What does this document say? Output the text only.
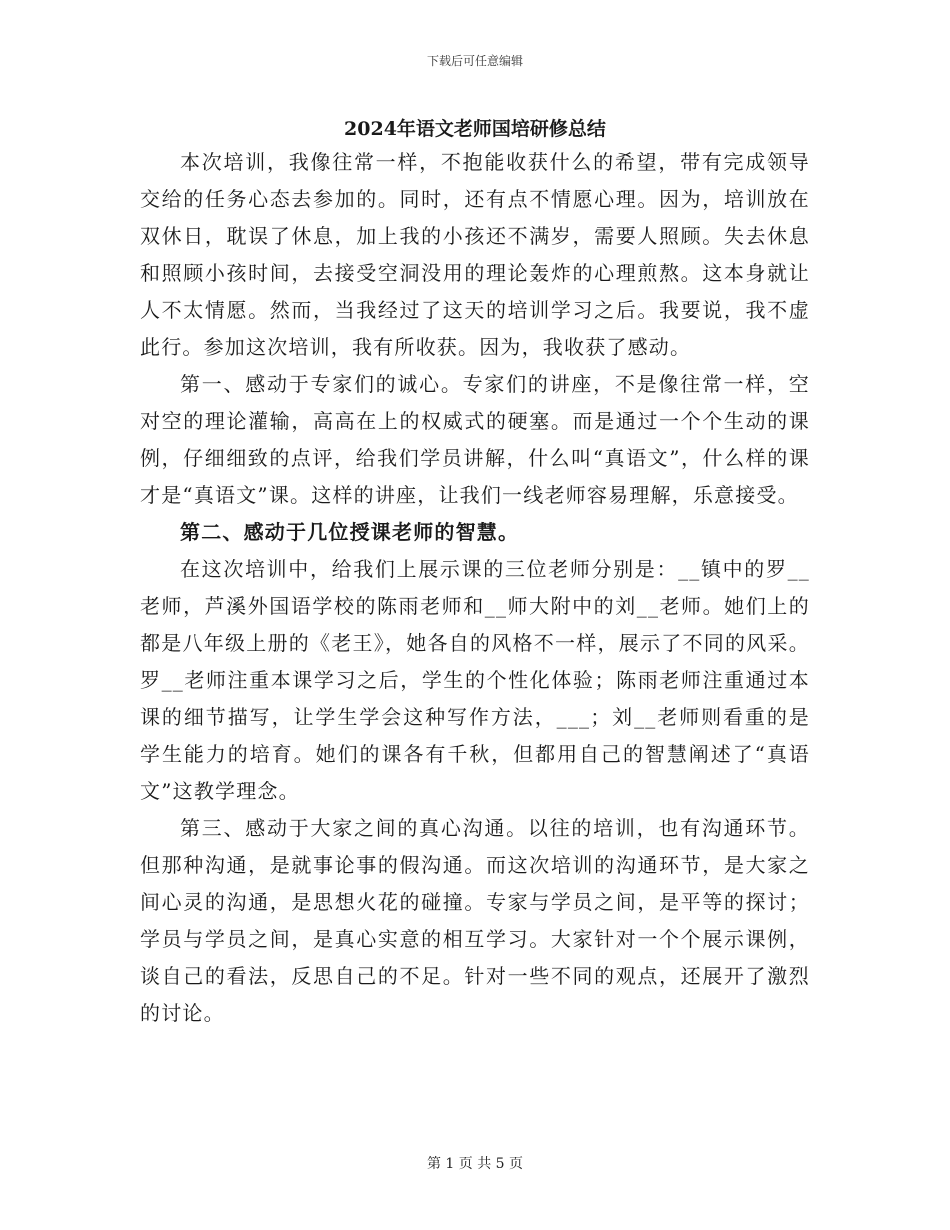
下载后可任意编辑
2024年语文老师国培研修总结

本次培训，我像往常一样，不抱能收获什么的希望，带有完成领导交给的任务心态去参加的。同时，还有点不情愿心理。因为，培训放在双休日，耽误了休息，加上我的小孩还不满岁，需要人照顾。失去休息和照顾小孩时间，去接受空洞没用的理论轰炸的心理煎熬。这本身就让人不太情愿。然而，当我经过了这天的培训学习之后。我要说，我不虚此行。参加这次培训，我有所收获。因为，我收获了感动。

第一、感动于专家们的诚心。专家们的讲座，不是像往常一样，空对空的理论灌输，高高在上的权威式的硬塞。而是通过一个个生动的课例，仔细细致的点评，给我们学员讲解，什么叫“真语文”，什么样的课才是“真语文”课。这样的讲座，让我们一线老师容易理解，乐意接受。

第二、感动于几位授课老师的智慧。

在这次培训中，给我们上展示课的三位老师分别是：__镇中的罗__老师，芦溪外国语学校的陈雨老师和__师大附中的刘__老师。她们上的都是八年级上册的《老王》，她各自的风格不一样，展示了不同的风采。罗__老师注重本课学习之后，学生的个性化体验；陈雨老师注重通过本课的细节描写，让学生学会这种写作方法，___；刘__老师则看重的是学生能力的培育。她们的课各有千秋，但都用自己的智慧阐述了“真语文”这教学理念。

第三、感动于大家之间的真心沟通。以往的培训，也有沟通环节。但那种沟通，是就事论事的假沟通。而这次培训的沟通环节，是大家之间心灵的沟通，是思想火花的碰撞。专家与学员之间，是平等的探讨；学员与学员之间，是真心实意的相互学习。大家针对一个个展示课例，谈自己的看法，反思自己的不足。针对一些不同的观点，还展开了激烈的讨论。

第 1 页 共 5 页
